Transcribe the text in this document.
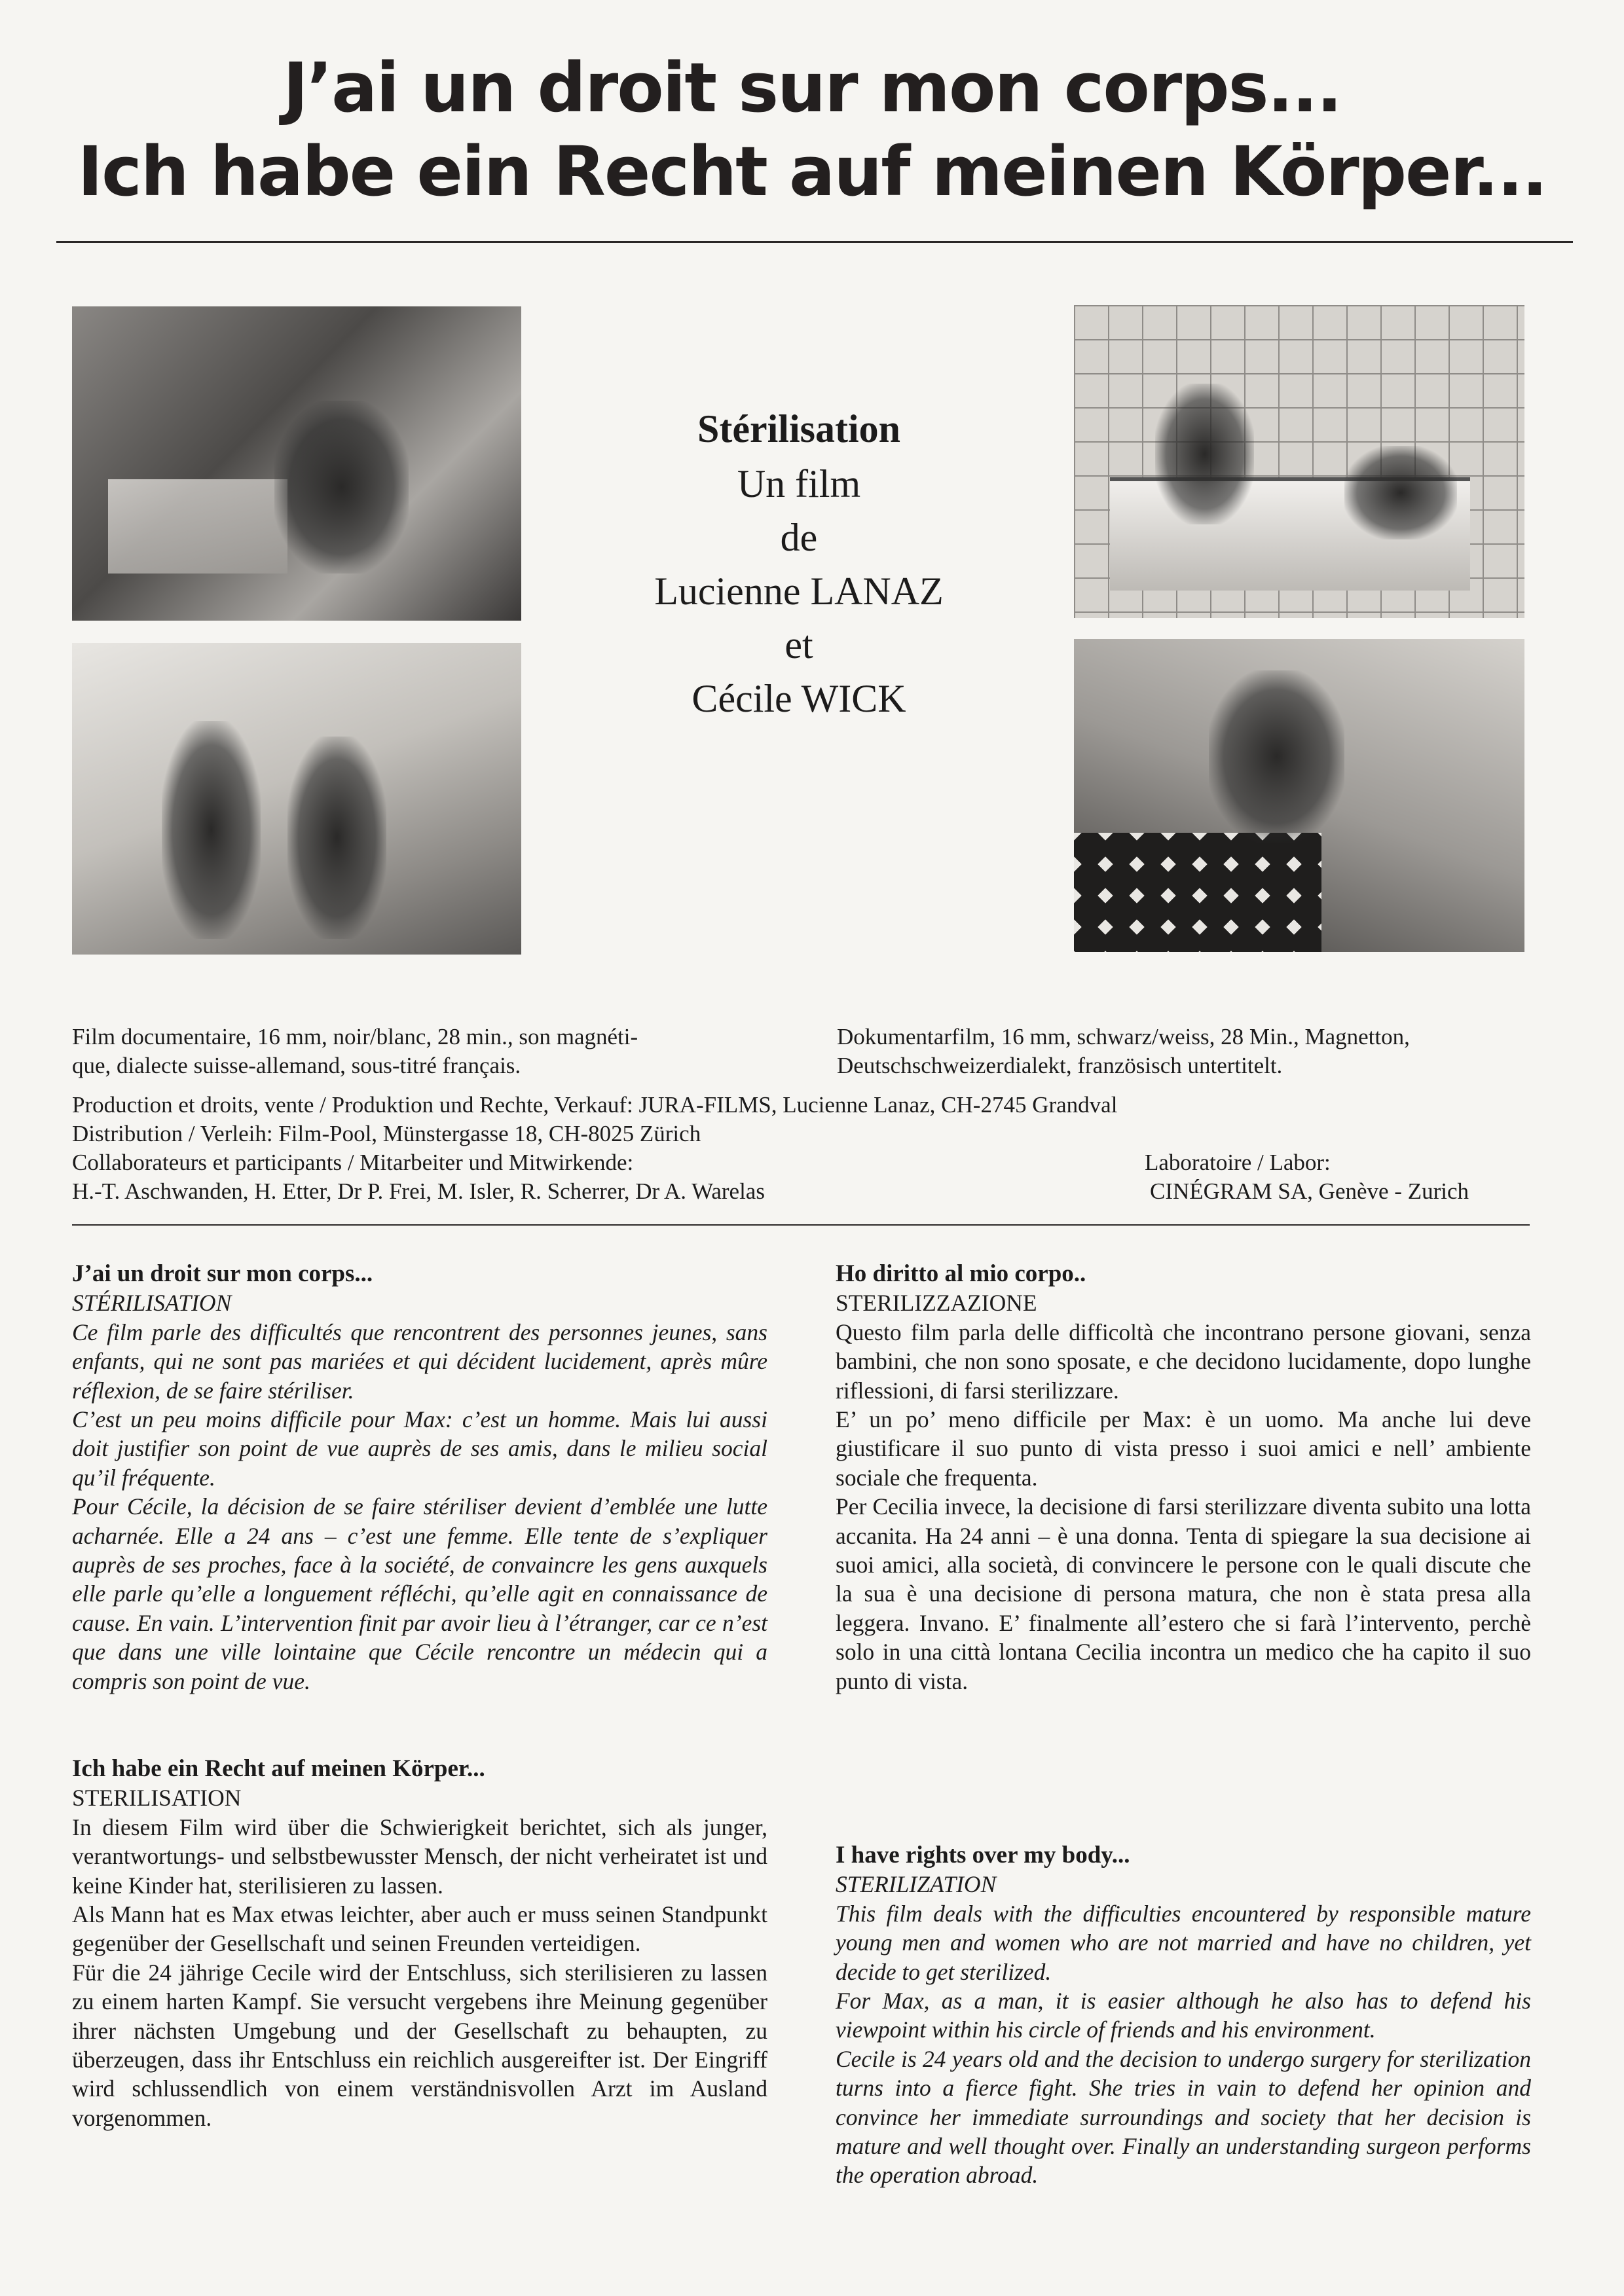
J’ai un droit sur mon corps...
Ich habe ein Recht auf meinen Körper...
Stérilisation
Un film
de
Lucienne LANAZ
et
Cécile WICK
Film documentaire, 16 mm, noir/blanc, 28 min., son magnéti-
que, dialecte suisse-allemand, sous-titré français.
Dokumentarfilm, 16 mm, schwarz/weiss, 28 Min., Magnetton,
Deutschschweizerdialekt, französisch untertitelt.
Production et droits, vente / Produktion und Rechte, Verkauf: JURA-FILMS, Lucienne Lanaz, CH-2745 Grandval
Distribution / Verleih: Film-Pool, Münstergasse 18, CH-8025 Zürich
Collaborateurs et participants / Mitarbeiter und Mitwirkende:
H.-T. Aschwanden, H. Etter, Dr P. Frei, M. Isler, R. Scherrer, Dr A. Warelas
Laboratoire / Labor:
CINÉGRAM SA, Genève - Zurich

J’ai un droit sur mon corps...

STÉRILISATION

Ce film parle des difficultés que rencontrent des personnes jeunes, sans enfants, qui ne sont pas mariées et qui décident lucidement, après mûre réflexion, de se faire stériliser.

C’est un peu moins difficile pour Max: c’est un homme. Mais lui aussi doit justifier son point de vue auprès de ses amis, dans le milieu social qu’il fréquente.

Pour Cécile, la décision de se faire stériliser devient d’emblée une lutte acharnée. Elle a 24 ans – c’est une femme. Elle tente de s’expliquer auprès de ses proches, face à la société, de convaincre les gens auxquels elle parle qu’elle a longuement réfléchi, qu’elle agit en connaissance de cause. En vain. L’intervention finit par avoir lieu à l’étranger, car ce n’est que dans une ville lointaine que Cécile rencontre un médecin qui a compris son point de vue.

Ich habe ein Recht auf meinen Körper...

STERILISATION

In diesem Film wird über die Schwierigkeit berichtet, sich als junger, verantwortungs- und selbstbewusster Mensch, der nicht verheiratet ist und keine Kinder hat, sterilisieren zu lassen.

Als Mann hat es Max etwas leichter, aber auch er muss seinen Standpunkt gegenüber der Gesellschaft und seinen Freunden verteidigen.

Für die 24 jährige Cecile wird der Entschluss, sich sterilisieren zu lassen zu einem harten Kampf. Sie versucht vergebens ihre Meinung gegenüber ihrer nächsten Umgebung und der Gesellschaft zu behaupten, zu überzeugen, dass ihr Entschluss ein reichlich ausgereifter ist. Der Eingriff wird schlussendlich von einem verständnisvollen Arzt im Ausland vorgenommen.

Ho diritto al mio corpo..

STERILIZZAZIONE

Questo film parla delle difficoltà che incontrano persone giovani, senza bambini, che non sono sposate, e che decidono lucidamente, dopo lunghe riflessioni, di farsi sterilizzare.

E’ un po’ meno difficile per Max: è un uomo. Ma anche lui deve giustificare il suo punto di vista presso i suoi amici e nell’ ambiente sociale che frequenta.

Per Cecilia invece, la decisione di farsi sterilizzare diventa subito una lotta accanita. Ha 24 anni – è una donna. Tenta di spiegare la sua decisione ai suoi amici, alla società, di convincere le persone con le quali discute che la sua è una decisione di persona matura, che non è stata presa alla leggera. Invano. E’ finalmente all’estero che si farà l’intervento, perchè solo in una città lontana Cecilia incontra un medico che ha capito il suo punto di vista.

I have rights over my body...

STERILIZATION

This film deals with the difficulties encountered by responsible mature young men and women who are not married and have no children, yet decide to get sterilized.

For Max, as a man, it is easier although he also has to defend his viewpoint within his circle of friends and his environment.

Cecile is 24 years old and the decision to undergo surgery for sterilization turns into a fierce fight. She tries in vain to defend her opinion and convince her immediate surroundings and society that her decision is mature and well thought over. Finally an understanding surgeon performs the operation abroad.
